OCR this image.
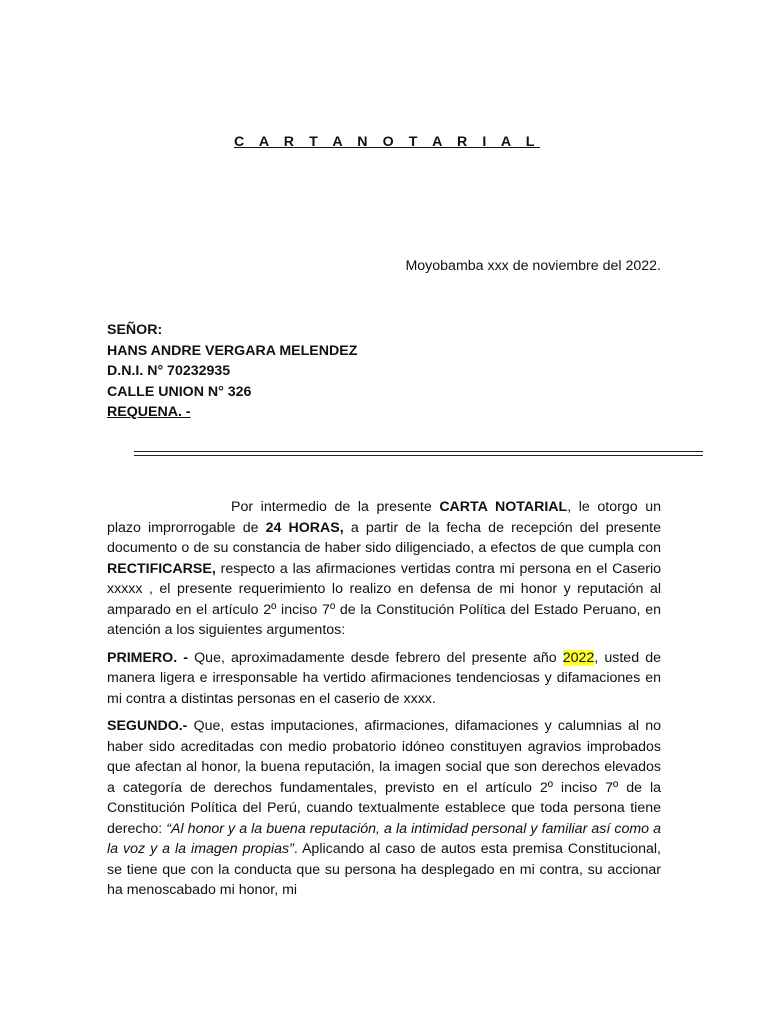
C A R T A N O T A R I A L
Moyobamba xxx de noviembre del 2022.
SEÑOR:
HANS ANDRE VERGARA MELENDEZ
D.N.I. N° 70232935
CALLE UNION N° 326
REQUENA. -

Por intermedio de la presente CARTA NOTARIAL, le otorgo un plazo improrrogable de 24 HORAS, a partir de la fecha de recepción del presente documento o de su constancia de haber sido diligenciado, a efectos de que cumpla con RECTIFICARSE, respecto a las afirmaciones vertidas contra mi persona en el Caserio xxxxx , el presente requerimiento lo realizo en defensa de mi honor y reputación al amparado en el artículo 2º inciso 7º de la Constitución Política del Estado Peruano, en atención a los siguientes argumentos:

PRIMERO. - Que, aproximadamente desde febrero del presente año 2022, usted de manera ligera e irresponsable ha vertido afirmaciones tendenciosas y difamaciones en mi contra a distintas personas en el caserio de xxxx.

SEGUNDO.- Que, estas imputaciones, afirmaciones, difamaciones y calumnias al no haber sido acreditadas con medio probatorio idóneo constituyen agravios improbados que afectan al honor, la buena reputación, la imagen social que son derechos elevados a categoría de derechos fundamentales, previsto en el artículo 2º inciso 7º de la Constitución Política del Perú, cuando textualmente establece que toda persona tiene derecho: “Al honor y a la buena reputación, a la intimidad personal y familiar así como a la voz y a la imagen propias”. Aplicando al caso de autos esta premisa Constitucional, se tiene que con la conducta que su persona ha desplegado en mi contra, su accionar ha menoscabado mi honor, mi
